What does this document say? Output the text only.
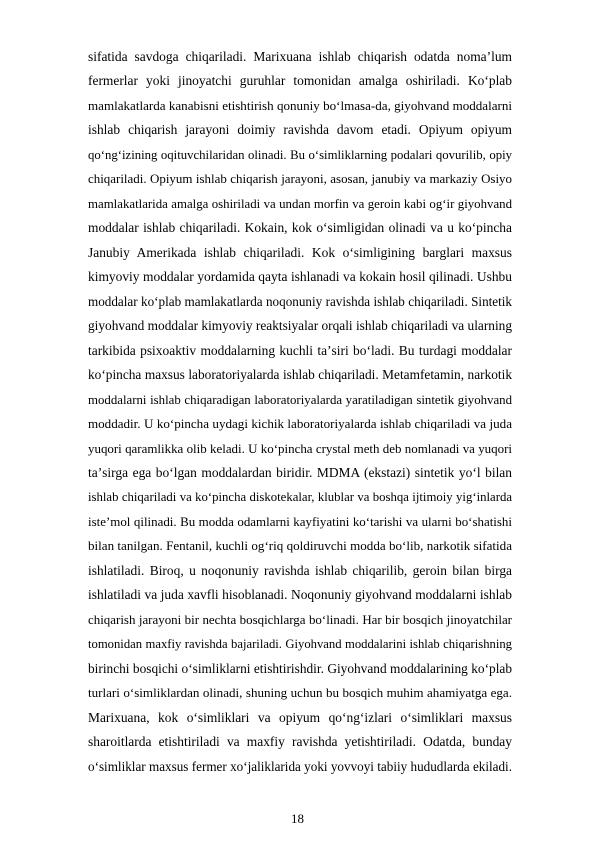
sifatida savdoga chiqariladi. Marixuana ishlab chiqarish odatda nomaʼlum
fermerlar yoki jinoyatchi guruhlar tomonidan amalga oshiriladi. Koʻplab
mamlakatlarda kanabisni etishtirish qonuniy boʻlmasa-da, giyohvand moddalarni
ishlab chiqarish jarayoni doimiy ravishda davom etadi. Opiyum opiyum
qoʻngʻizining oqituvchilaridan olinadi. Bu oʻsimliklarning podalari qovurilib, opiy
chiqariladi. Opiyum ishlab chiqarish jarayoni, asosan, janubiy va markaziy Osiyo
mamlakatlarida amalga oshiriladi va undan morfin va geroin kabi ogʻir giyohvand
moddalar ishlab chiqariladi. Kokain, kok oʻsimligidan olinadi va u koʻpincha
Janubiy Amerikada ishlab chiqariladi. Kok oʻsimligining barglari maxsus
kimyoviy moddalar yordamida qayta ishlanadi va kokain hosil qilinadi. Ushbu
moddalar koʻplab mamlakatlarda noqonuniy ravishda ishlab chiqariladi. Sintetik
giyohvand moddalar kimyoviy reaktsiyalar orqali ishlab chiqariladi va ularning
tarkibida psixoaktiv moddalarning kuchli taʼsiri boʻladi. Bu turdagi moddalar
koʻpincha maxsus laboratoriyalarda ishlab chiqariladi. Metamfetamin, narkotik
moddalarni ishlab chiqaradigan laboratoriyalarda yaratiladigan sintetik giyohvand
moddadir. U koʻpincha uydagi kichik laboratoriyalarda ishlab chiqariladi va juda
yuqori qaramlikka olib keladi. U koʻpincha crystal meth deb nomlanadi va yuqori
taʼsirga ega boʻlgan moddalardan biridir. MDMA (ekstazi) sintetik yoʻl bilan
ishlab chiqariladi va koʻpincha diskotekalar, klublar va boshqa ijtimoiy yigʻinlarda
isteʼmol qilinadi. Bu modda odamlarni kayfiyatini koʻtarishi va ularni boʻshatishi
bilan tanilgan. Fentanil, kuchli ogʻriq qoldiruvchi modda boʻlib, narkotik sifatida
ishlatiladi. Biroq, u noqonuniy ravishda ishlab chiqarilib, geroin bilan birga
ishlatiladi va juda xavfli hisoblanadi. Noqonuniy giyohvand moddalarni ishlab
chiqarish jarayoni bir nechta bosqichlarga boʻlinadi. Har bir bosqich jinoyatchilar
tomonidan maxfiy ravishda bajariladi. Giyohvand moddalarini ishlab chiqarishning
birinchi bosqichi oʻsimliklarni etishtirishdir. Giyohvand moddalarining koʻplab
turlari oʻsimliklardan olinadi, shuning uchun bu bosqich muhim ahamiyatga ega.
Marixuana, kok oʻsimliklari va opiyum qoʻngʻizlari oʻsimliklari maxsus
sharoitlarda etishtiriladi va maxfiy ravishda yetishtiriladi. Odatda, bunday
oʻsimliklar maxsus fermer xoʻjaliklarida yoki yovvoyi tabiiy hududlarda ekiladi.
18
